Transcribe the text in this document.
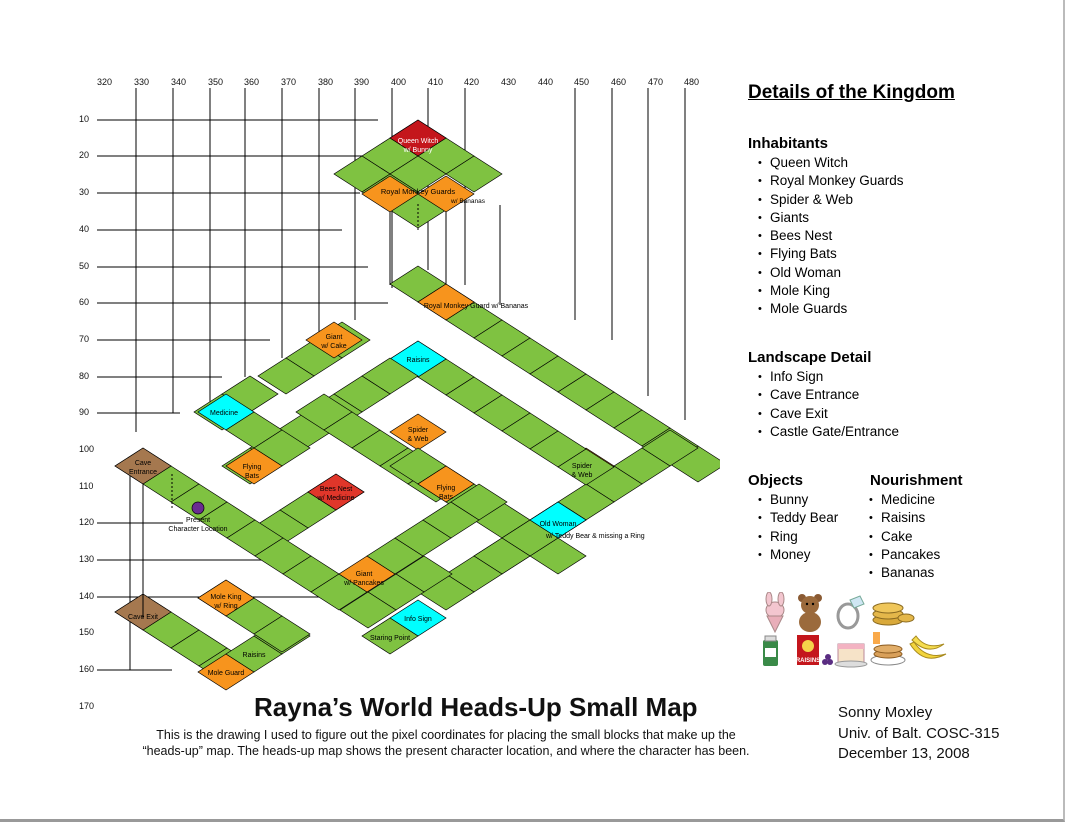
Queen Witch
w/ Bunny
Royal Monkey Guards
w/ Bananas
Royal Monkey Guard w/ Bananas
Giant
w/ Cake
Raisins
Medicine
Spider
& Web
Spider
& Web
Flying
Bats
Flying
Bats
Bees Nest
w/ Medicine
Cave
Entrance
Present
Character Location
Old Woman
w/ Teddy Bear & missing a Ring
Giant
w/ Pancakes
Mole King
w/ Ring
Cave Exit	Info Sign
Staring Point
Raisins
Mole Guard
320 330 340 350 360 370 380 390 400 410 420 430 440 450 460 470 480
10
20
30
40
50
60
70
80
90
100
110
120
130
140
150
160
170
Details of the Kingdom
Inhabitants
• Queen Witch
• Royal Monkey Guards
• Spider & Web
• Giants
• Bees Nest
• Flying Bats
• Old Woman
• Mole King
• Mole Guards
Landscape Detail
• Info Sign
• Cave Entrance
• Cave Exit
• Castle Gate/Entrance
Objects
• Bunny
• Teddy Bear
• Ring
• Money
Nourishment
• Medicine
• Raisins
• Cake
• Pancakes
• Bananas
RAISINS
Rayna’s World Heads-Up Small Map
This is the drawing I used to figure out the pixel coordinates for placing the small blocks that make up the
“heads-up” map. The heads-up map shows the present character location, and where the character has been.
Sonny Moxley
Univ. of Balt. COSC-315
December 13, 2008
